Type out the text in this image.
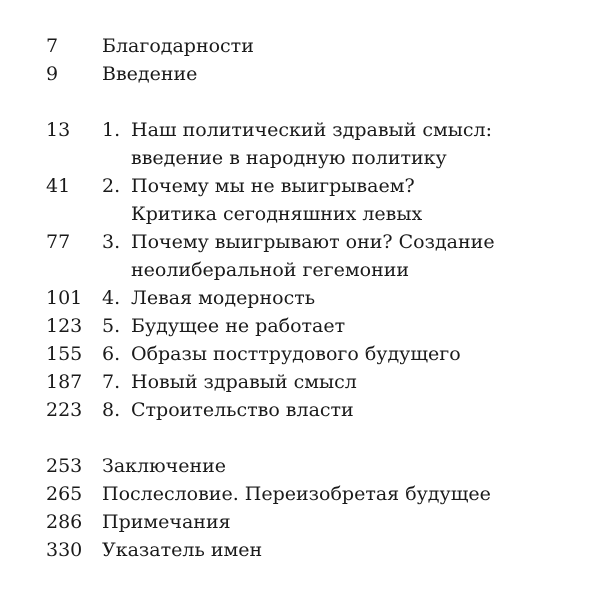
7 Благодарности
9 Введение
13 1. Наш политический здравый смысл:
введение в народную политику
41 2. Почему мы не выигрываем?
Критика сегодняшних левых
77 3. Почему выигрывают они? Создание
неолиберальной гегемонии
101 4. Левая модерность
123 5. Будущее не работает
155 6. Образы посттрудового будущего
187 7. Новый здравый смысл
223 8. Строительство власти
253 Заключение
265 Послесловие. Переизобретая будущее
286 Примечания
330 Указатель имен
